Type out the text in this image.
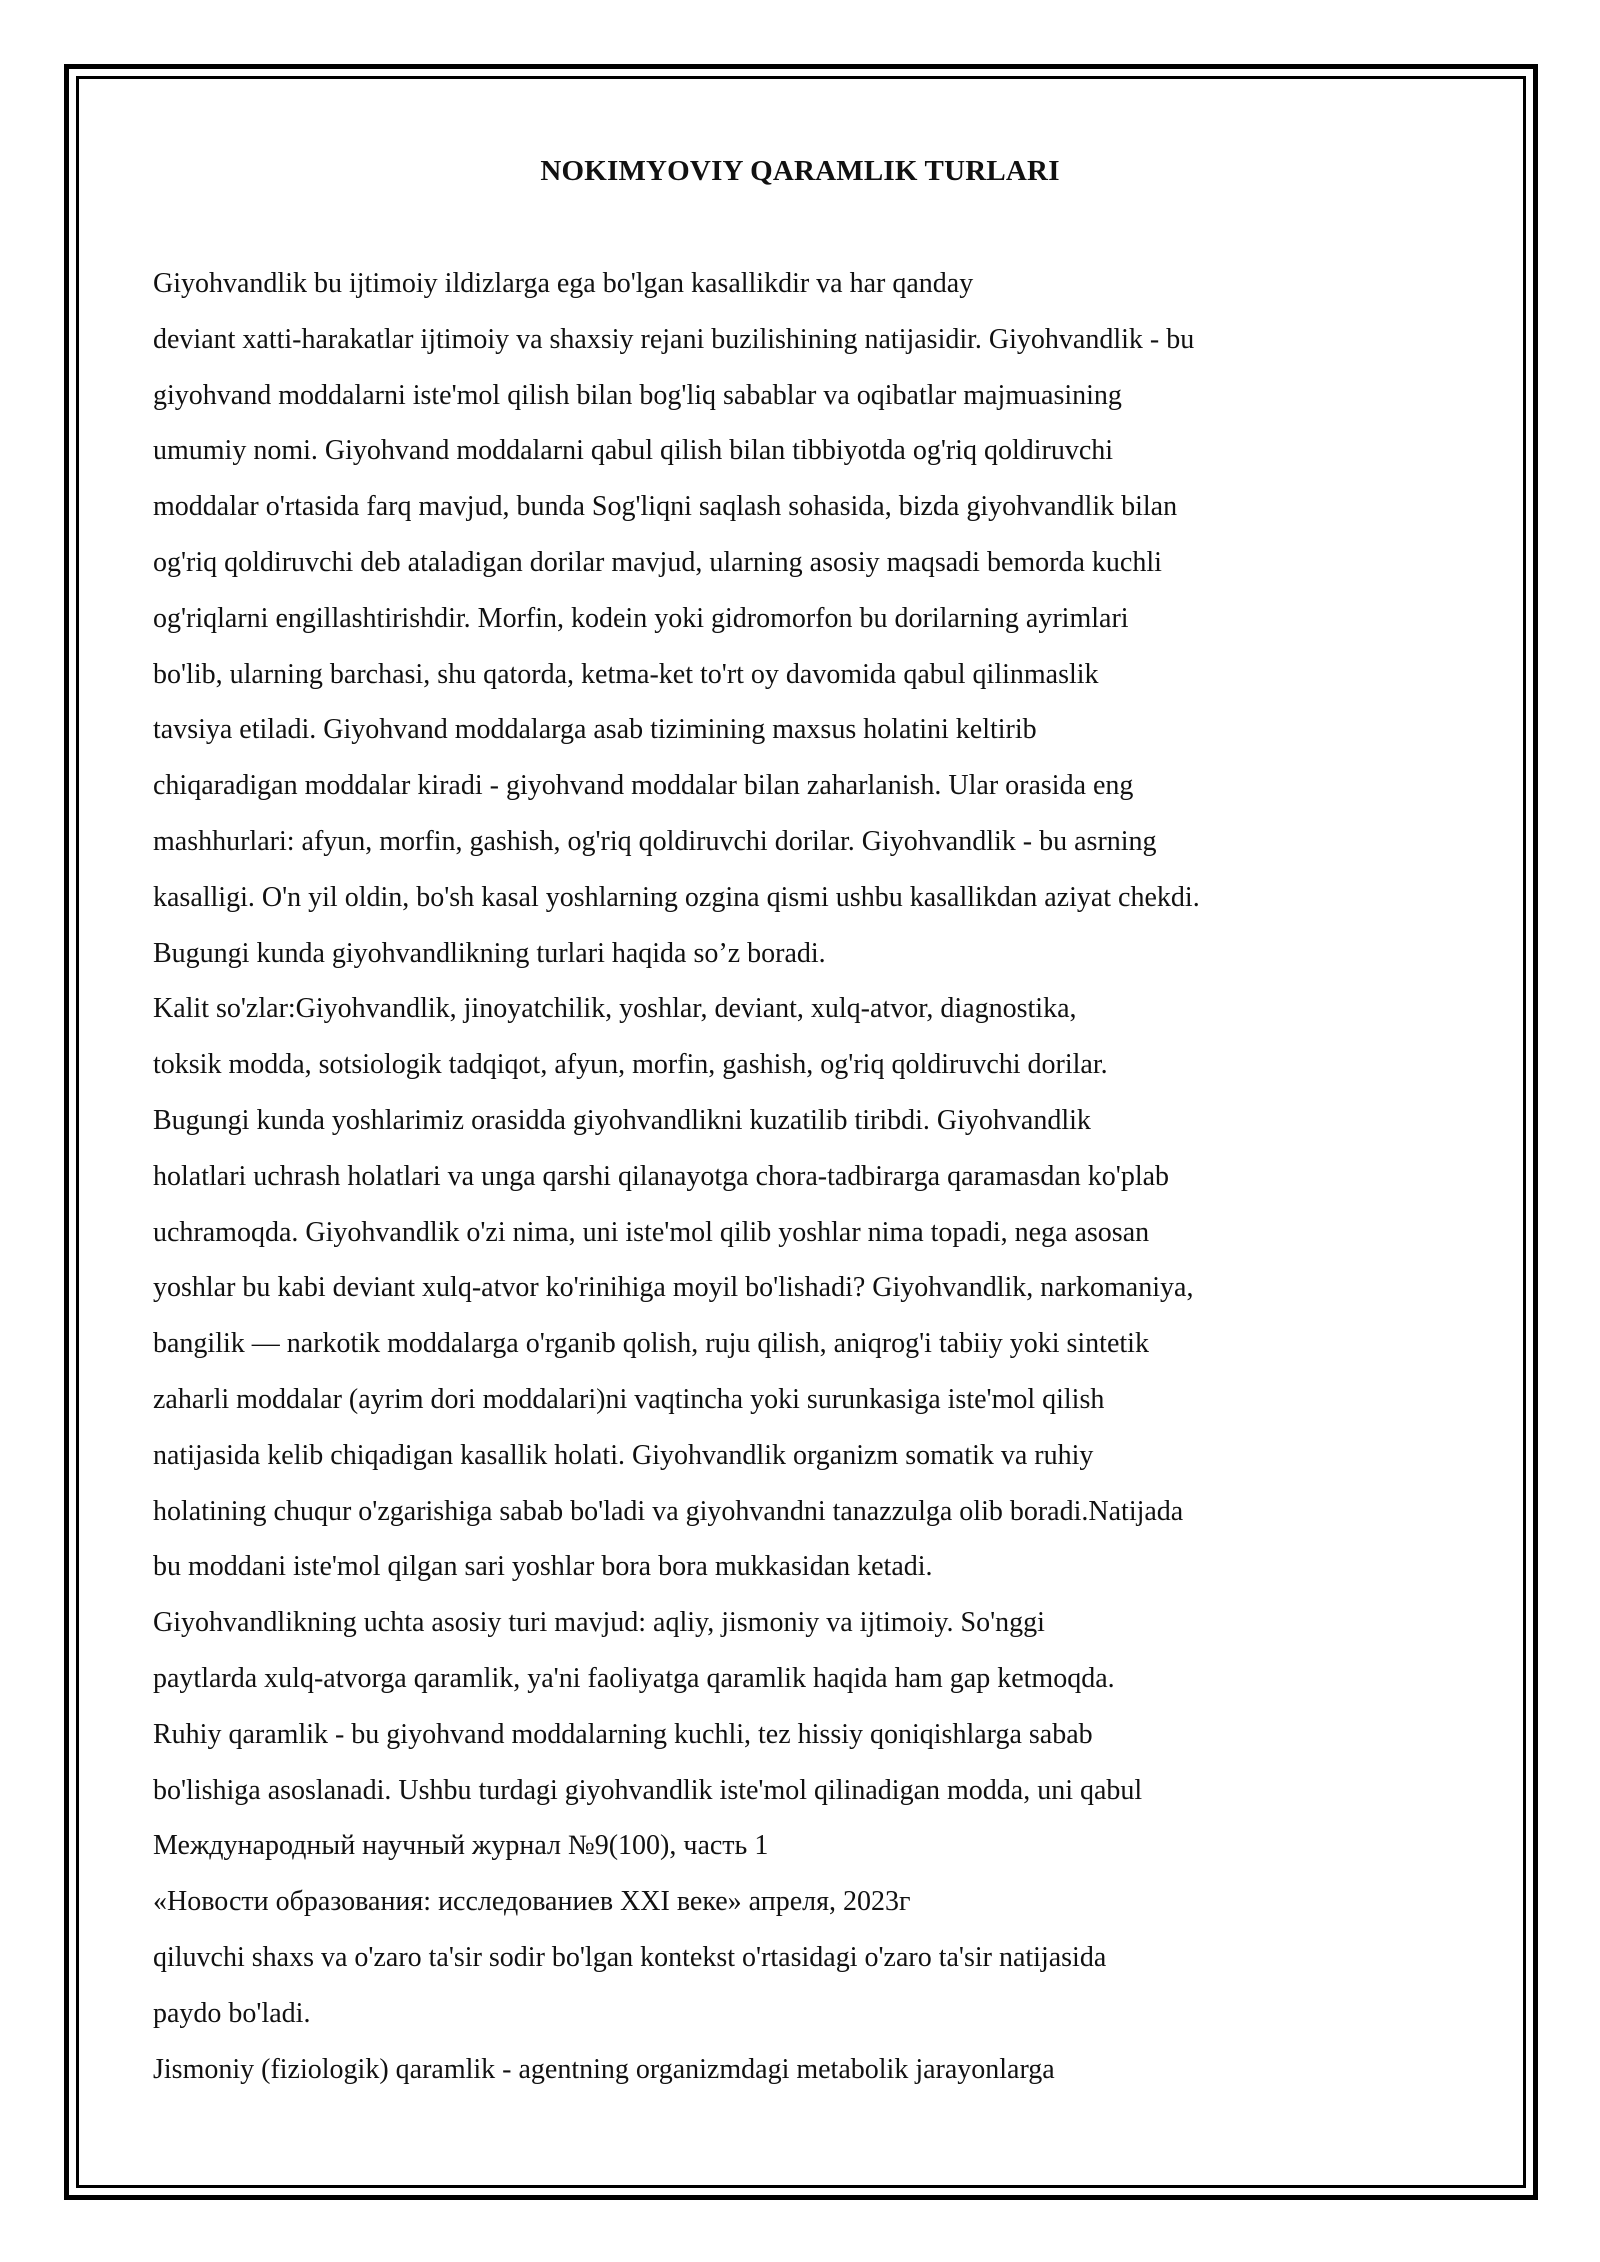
NOKIMYOVIY QARAMLIK TURLARI
Giyohvandlik bu ijtimoiy ildizlarga ega bo'lgan kasallikdir va har qanday
deviant xatti-harakatlar ijtimoiy va shaxsiy rejani buzilishining natijasidir. Giyohvandlik - bu
giyohvand moddalarni iste'mol qilish bilan bog'liq sabablar va oqibatlar majmuasining
umumiy nomi. Giyohvand moddalarni qabul qilish bilan tibbiyotda og'riq qoldiruvchi
moddalar o'rtasida farq mavjud, bunda Sog'liqni saqlash sohasida, bizda giyohvandlik bilan
og'riq qoldiruvchi deb ataladigan dorilar mavjud, ularning asosiy maqsadi bemorda kuchli
og'riqlarni engillashtirishdir. Morfin, kodein yoki gidromorfon bu dorilarning ayrimlari
bo'lib, ularning barchasi, shu qatorda, ketma-ket to'rt oy davomida qabul qilinmaslik
tavsiya etiladi. Giyohvand moddalarga asab tizimining maxsus holatini keltirib
chiqaradigan moddalar kiradi - giyohvand moddalar bilan zaharlanish. Ular orasida eng
mashhurlari: afyun, morfin, gashish, og'riq qoldiruvchi dorilar. Giyohvandlik - bu asrning
kasalligi. O'n yil oldin, bo'sh kasal yoshlarning ozgina qismi ushbu kasallikdan aziyat chekdi.
Bugungi kunda giyohvandlikning turlari haqida so’z boradi.
Kalit so'zlar:Giyohvandlik, jinoyatchilik, yoshlar, deviant, xulq-atvor, diagnostika,
toksik modda, sotsiologik tadqiqot, afyun, morfin, gashish, og'riq qoldiruvchi dorilar.
Bugungi kunda yoshlarimiz orasidda giyohvandlikni kuzatilib tiribdi. Giyohvandlik
holatlari uchrash holatlari va unga qarshi qilanayotga chora-tadbirarga qaramasdan ko'plab
uchramoqda. Giyohvandlik o'zi nima, uni iste'mol qilib yoshlar nima topadi, nega asosan
yoshlar bu kabi deviant xulq-atvor ko'rinihiga moyil bo'lishadi? Giyohvandlik, narkomaniya,
bangilik — narkotik moddalarga o'rganib qolish, ruju qilish, aniqrog'i tabiiy yoki sintetik
zaharli moddalar (ayrim dori moddalari)ni vaqtincha yoki surunkasiga iste'mol qilish
natijasida kelib chiqadigan kasallik holati. Giyohvandlik organizm somatik va ruhiy
holatining chuqur o'zgarishiga sabab bo'ladi va giyohvandni tanazzulga olib boradi.Natijada
bu moddani iste'mol qilgan sari yoshlar bora bora mukkasidan ketadi.
Giyohvandlikning uchta asosiy turi mavjud: aqliy, jismoniy va ijtimoiy. So'nggi
paytlarda xulq-atvorga qaramlik, ya'ni faoliyatga qaramlik haqida ham gap ketmoqda.
Ruhiy qaramlik - bu giyohvand moddalarning kuchli, tez hissiy qoniqishlarga sabab
bo'lishiga asoslanadi. Ushbu turdagi giyohvandlik iste'mol qilinadigan modda, uni qabul
Международный научный журнал №9(100), часть 1
«Новости образования: исследованиев XXI веке» апреля, 2023г
qiluvchi shaxs va o'zaro ta'sir sodir bo'lgan kontekst o'rtasidagi o'zaro ta'sir natijasida
paydo bo'ladi.
Jismoniy (fiziologik) qaramlik - agentning organizmdagi metabolik jarayonlarga
